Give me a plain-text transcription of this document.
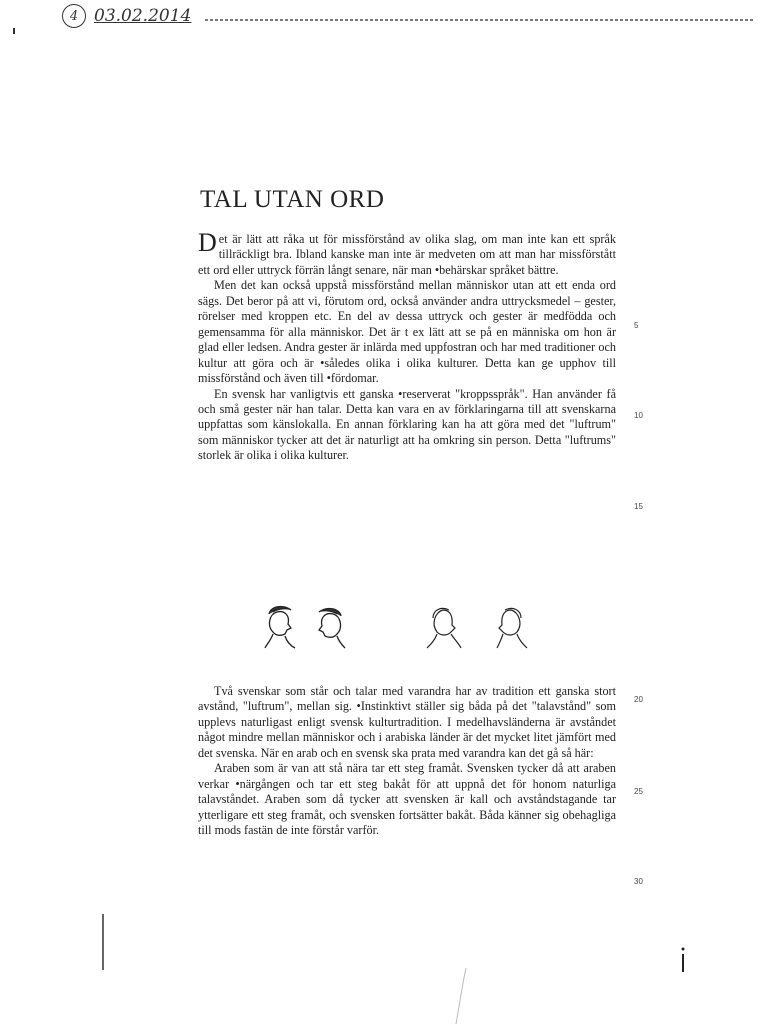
4 03.02.2014
TAL UTAN ORD

Det är lätt att råka ut för missförstånd av olika slag, om man inte kan ett språk tillräckligt bra. Ibland kanske man inte är medveten om att man har missförstått ett ord eller uttryck förrän långt senare, när man •behärskar språket bättre.

Men det kan också uppstå missförstånd mellan människor utan att ett enda ord sägs. Det beror på att vi, förutom ord, också använder andra uttrycksmedel – gester, rörelser med kroppen etc. En del av dessa uttryck och gester är medfödda och gemensamma för alla människor. Det är t ex lätt att se på en människa om hon är glad eller ledsen. Andra gester är inlärda med uppfostran och har med traditioner och kultur att göra och är •således olika i olika kulturer. Detta kan ge upphov till missförstånd och även till •fördomar.

En svensk har vanligtvis ett ganska •reserverat "kroppsspråk". Han använder få och små gester när han talar. Detta kan vara en av förklaringarna till att svenskarna uppfattas som känslokalla. En annan förklaring kan ha att göra med det "luftrum" som människor tycker att det är naturligt att ha omkring sin person. Detta "luftrums" storlek är olika i olika kulturer.

5
10
15

Två svenskar som står och talar med varandra har av tradition ett ganska stort avstånd, "luftrum", mellan sig. •Instinktivt ställer sig båda på det "talavstånd" som upplevs naturligast enligt svensk kulturtradition. I medelhavsländerna är avståndet något mindre mellan människor och i arabiska länder är det mycket litet jämfört med det svenska. När en arab och en svensk ska prata med varandra kan det gå så här:

Araben som är van att stå nära tar ett steg framåt. Svensken tycker då att araben verkar •närgången och tar ett steg bakåt för att uppnå det för honom naturliga talavståndet. Araben som då tycker att svensken är kall och avståndstagande tar ytterligare ett steg framåt, och svensken fortsätter bakåt. Båda känner sig obehagliga till mods fastän de inte förstår varför.

20
25
30
